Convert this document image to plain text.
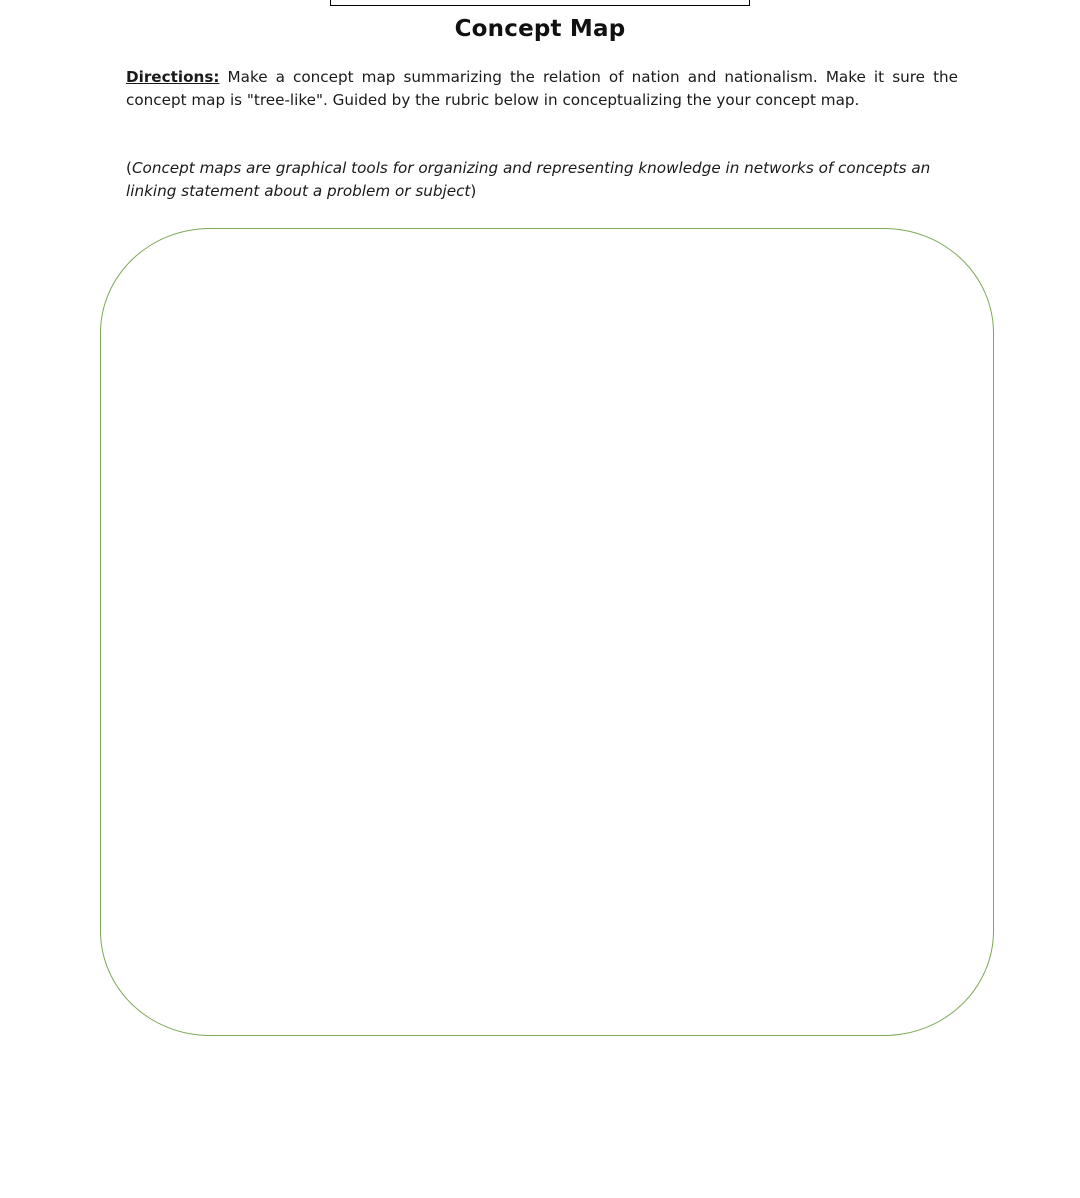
Concept Map
Directions: Make a concept map summarizing the relation of nation and nationalism. Make it sure the concept map is "tree-like". Guided by the rubric below in conceptualizing the your concept map.
(Concept maps are graphical tools for organizing and representing knowledge in networks of concepts an linking statement about a problem or subject)
